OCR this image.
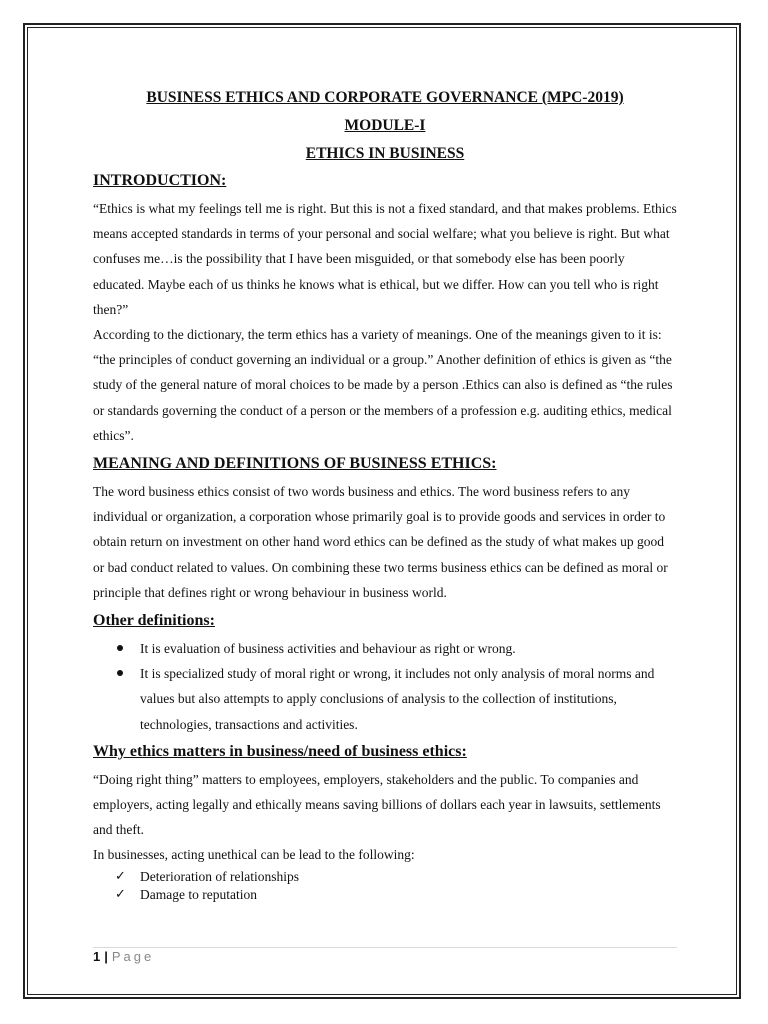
BUSINESS ETHICS AND CORPORATE GOVERNANCE (MPC-2019)

MODULE-I

ETHICS IN BUSINESS

INTRODUCTION:

“Ethics is what my feelings tell me is right. But this is not a fixed standard, and that makes problems. Ethics means accepted standards in terms of your personal and social welfare; what you believe is right. But what confuses me…is the possibility that I have been misguided, or that somebody else has been poorly educated. Maybe each of us thinks he knows what is ethical, but we differ. How can you tell who is right then?”

According to the dictionary, the term ethics has a variety of meanings. One of the meanings given to it is: “the principles of conduct governing an individual or a group.” Another definition of ethics is given as “the study of the general nature of moral choices to be made by a person .Ethics can also is defined as “the rules or standards governing the conduct of a person or the members of a profession e.g. auditing ethics, medical ethics”.

MEANING AND DEFINITIONS OF BUSINESS ETHICS:

The word business ethics consist of two words business and ethics. The word business refers to any individual or organization, a corporation whose primarily goal is to provide goods and services in order to obtain return on investment on other hand word ethics can be defined as the study of what makes up good or bad conduct related to values. On combining these two terms business ethics can be defined as moral or principle that defines right or wrong behaviour in business world.

Other definitions:
It is evaluation of business activities and behaviour as right or wrong.
It is specialized study of moral right or wrong, it includes not only analysis of moral norms and values but also attempts to apply conclusions of analysis to the collection of institutions, technologies, transactions and activities.
Why ethics matters in business/need of business ethics:

“Doing right thing” matters to employees, employers, stakeholders and the public. To companies and employers, acting legally and ethically means saving billions of dollars each year in lawsuits, settlements and theft.

In businesses, acting unethical can be lead to the following:

✓ Deterioration of relationships
✓ Damage to reputation
1 | Page
